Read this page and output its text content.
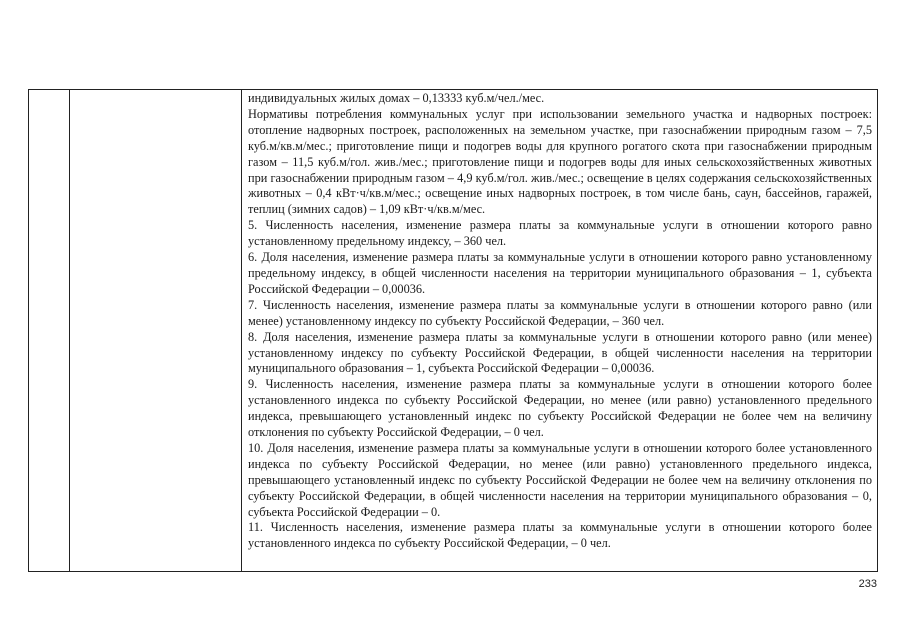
индивидуальных жилых домах – 0,13333 куб.м/чел./мес.

Нормативы потребления коммунальных услуг при использовании земельного участка и надворных построек: отопление надворных построек, расположенных на земельном участке, при газоснабжении природным газом – 7,5 куб.м/кв.м/мес.; приготовление пищи и подогрев воды для крупного рогатого скота при газоснабжении природным газом – 11,5 куб.м/гол. жив./мес.; приготовление пищи и подогрев воды для иных сельскохозяйственных животных при газоснабжении природным газом – 4,9 куб.м/гол. жив./мес.; освещение в целях содержания сельскохозяйственных животных – 0,4 кВт·ч/кв.м/мес.; освещение иных надворных построек, в том числе бань, саун, бассейнов, гаражей, теплиц (зимних садов) – 1,09 кВт·ч/кв.м/мес.

5. Численность населения, изменение размера платы за коммунальные услуги в отношении которого равно установленному предельному индексу, – 360 чел.

6. Доля населения, изменение размера платы за коммунальные услуги в отношении которого равно установленному предельному индексу, в общей численности населения на территории муниципального образования – 1, субъекта Российской Федерации – 0,00036.

7. Численность населения, изменение размера платы за коммунальные услуги в отношении которого равно (или менее) установленному индексу по субъекту Российской Федерации, – 360 чел.

8. Доля населения, изменение размера платы за коммунальные услуги в отношении которого равно (или менее) установленному индексу по субъекту Российской Федерации, в общей численности населения на территории муниципального образования – 1, субъекта Российской Федерации – 0,00036.

9. Численность населения, изменение размера платы за коммунальные услуги в отношении которого более установленного индекса по субъекту Российской Федерации, но менее (или равно) установленного предельного индекса, превышающего установленный индекс по субъекту Российской Федерации не более чем на величину отклонения по субъекту Российской Федерации, – 0 чел.

10. Доля населения, изменение размера платы за коммунальные услуги в отношении которого более установленного индекса по субъекту Российской Федерации, но менее (или равно) установленного предельного индекса, превышающего установленный индекс по субъекту Российской Федерации не более чем на величину отклонения по субъекту Российской Федерации, в общей численности населения на территории муниципального образования – 0, субъекта Российской Федерации – 0.

11. Численность населения, изменение размера платы за коммунальные услуги в отношении которого более установленного индекса по субъекту Российской Федерации, – 0 чел.

233
